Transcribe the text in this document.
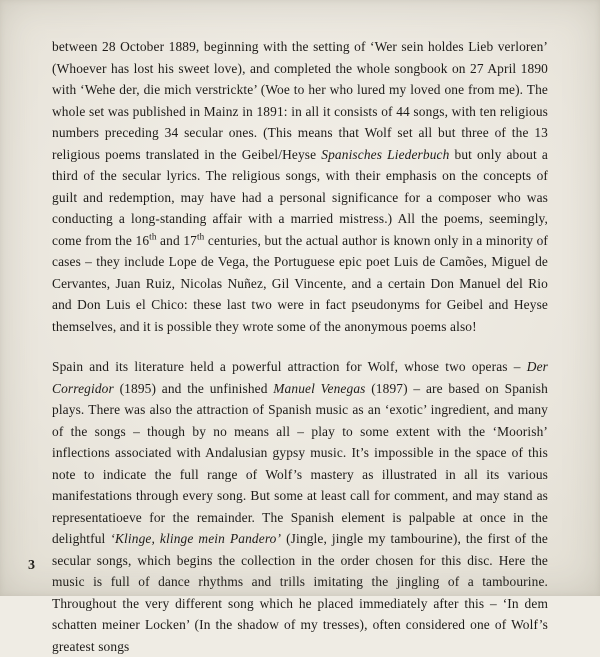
between 28 October 1889, beginning with the setting of ‘Wer sein holdes Lieb verloren’ (Whoever has lost his sweet love), and completed the whole songbook on 27 April 1890 with ‘Wehe der, die mich verstrickte’ (Woe to her who lured my loved one from me). The whole set was published in Mainz in 1891: in all it consists of 44 songs, with ten religious numbers preceding 34 secular ones. (This means that Wolf set all but three of the 13 religious poems translated in the Geibel/Heyse Spanisches Liederbuch but only about a third of the secular lyrics. The religious songs, with their emphasis on the concepts of guilt and redemption, may have had a personal significance for a composer who was conducting a long-standing affair with a married mistress.) All the poems, seemingly, come from the 16th and 17th centuries, but the actual author is known only in a minority of cases – they include Lope de Vega, the Portuguese epic poet Luis de Camões, Miguel de Cervantes, Juan Ruiz, Nicolas Nuñez, Gil Vincente, and a certain Don Manuel del Rio and Don Luis el Chico: these last two were in fact pseudonyms for Geibel and Heyse themselves, and it is possible they wrote some of the anonymous poems also!

Spain and its literature held a powerful attraction for Wolf, whose two operas – Der Corregidor (1895) and the unfinished Manuel Venegas (1897) – are based on Spanish plays. There was also the attraction of Spanish music as an ‘exotic’ ingredient, and many of the songs – though by no means all – play to some extent with the ‘Moorish’ inflections associated with Andalusian gypsy music. It’s impossible in the space of this note to indicate the full range of Wolf’s mastery as illustrated in all its various manifestations through every song. But some at least call for comment, and may stand as representatioeve for the remainder. The Spanish element is palpable at once in the delightful ‘Klinge, klinge mein Pandero’ (Jingle, jingle my tambourine), the first of the secular songs, which begins the collection in the order chosen for this disc. Here the music is full of dance rhythms and trills imitating the jingling of a tambourine. Throughout the very different song which he placed immediately after this – ‘In dem schatten meiner Locken’ (In the shadow of my tresses), often considered one of Wolf’s greatest songs

3
